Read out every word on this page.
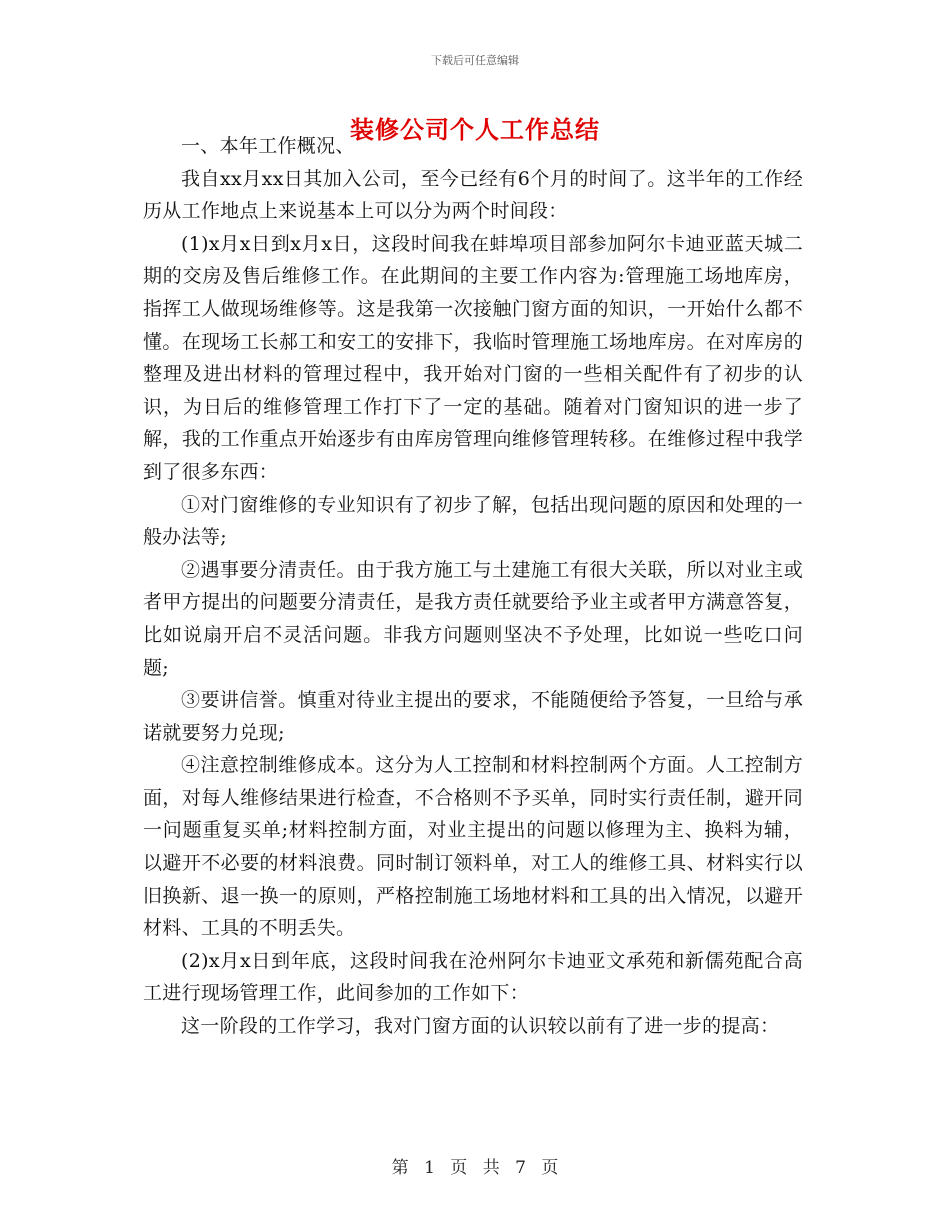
下载后可任意编辑
装修公司个人工作总结

一、本年工作概况、

我自xx月xx日其加入公司，至今已经有6个月的时间了。这半年的工作经历从工作地点上来说基本上可以分为两个时间段：

(1)x月x日到x月x日，这段时间我在蚌埠项目部参加阿尔卡迪亚蓝天城二期的交房及售后维修工作。在此期间的主要工作内容为:管理施工场地库房，指挥工人做现场维修等。这是我第一次接触门窗方面的知识，一开始什么都不懂。在现场工长郝工和安工的安排下，我临时管理施工场地库房。在对库房的整理及进出材料的管理过程中，我开始对门窗的一些相关配件有了初步的认识，为日后的维修管理工作打下了一定的基础。随着对门窗知识的进一步了解，我的工作重点开始逐步有由库房管理向维修管理转移。在维修过程中我学到了很多东西：

①对门窗维修的专业知识有了初步了解，包括出现问题的原因和处理的一般办法等;

②遇事要分清责任。由于我方施工与土建施工有很大关联，所以对业主或者甲方提出的问题要分清责任，是我方责任就要给予业主或者甲方满意答复，比如说扇开启不灵活问题。非我方问题则坚决不予处理，比如说一些吃口问题;

③要讲信誉。慎重对待业主提出的要求，不能随便给予答复，一旦给与承诺就要努力兑现;

④注意控制维修成本。这分为人工控制和材料控制两个方面。人工控制方面，对每人维修结果进行检查，不合格则不予买单，同时实行责任制，避开同一问题重复买单;材料控制方面，对业主提出的问题以修理为主、换料为辅，以避开不必要的材料浪费。同时制订领料单，对工人的维修工具、材料实行以旧换新、退一换一的原则，严格控制施工场地材料和工具的出入情况，以避开材料、工具的不明丢失。

(2)x月x日到年底，这段时间我在沧州阿尔卡迪亚文承苑和新儒苑配合高工进行现场管理工作，此间参加的工作如下：

这一阶段的工作学习，我对门窗方面的认识较以前有了进一步的提高：

第 1 页 共 7 页
